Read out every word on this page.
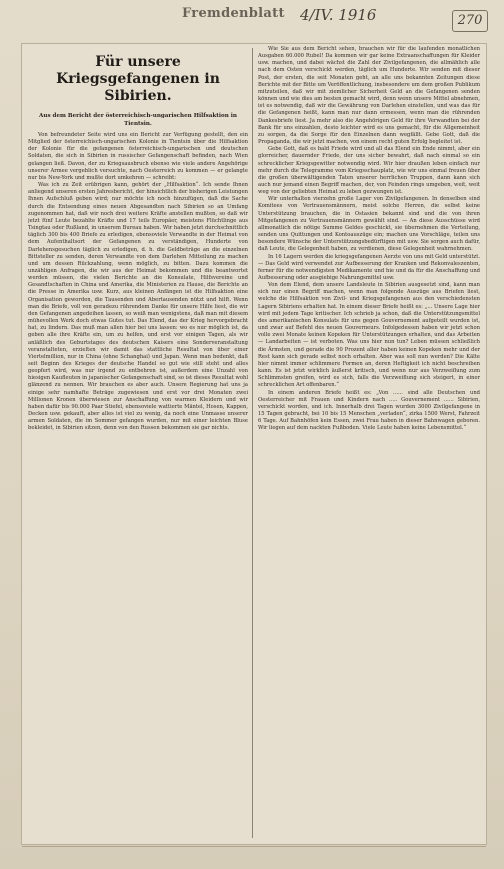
Fremdenblatt 4/IV. 1916	270
Für unsere Kriegsgefangenen in Sibirien.
Aus dem Bericht der österreichisch-ungarischen Hilfsaktion in Tientsin.

Von befreundeter Seite wird uns ein Bericht zur Verfügung gestellt, den ein Mitglied der österreichisch-ungarischen Kolonie in Tientsin über die Hilfsaktion der Kolonie für die gefangenen österreichisch-ungarischen und deutschen Soldaten, die sich in Sibirien in russischer Gefangenschaft befinden, nach Wien gelangen ließ. Davon, der zu Kriegsausbruch ebenso wie viele andere Angehörige unserer Armee vergeblich versuchte, nach Oesterreich zu kommen — er gelangte nur bis New-York und mußte dort umkehren — schreibt:

Was ich zu Zeit erübrigen kann, gehört der „Hilfsaktion“. Ich sende Ihnen anliegend unseren ersten Jahresbericht, der hinsichtlich der bisherigen Leistungen Ihnen Aufschluß geben wird; nur möchte ich noch hinzufügen, daß die Sache durch die Entsendung eines neuen Abgesandten nach Sibirien so an Umfang zugenommen hat, daß wir noch drei weitere Kräfte anstellen mußten, so daß wir jetzt fünf Leute bezahlte Kräfte und 17 teils Europäer, meistens Flüchtlinge aus Tsingtau oder Rußland, in unserem Bureau haben. Wir haben jetzt durchschnittlich täglich 300 bis 400 Briefe zu erledigen, ebensoviele Verwandte in der Heimat von dem Aufenthaltsort der Gefangenen zu verständigen, Hunderte von Darlehensgesuchen täglich zu erledigen, d. h. die Geldbeträge an die einzelnen Bittsteller zu senden, deren Verwandte von dem Darlehen Mitteilung zu machen und um dessen Rückzahlung, wenn möglich, zu bitten. Dazu kommen die unzähligen Anfragen, die wir aus der Heimat bekommen und die beantwortet werden müssen, die vielen Berichte an die Konsulate, Hilfsvereine und Gesandtschaften in China und Amerika, die Ministerien zu Hause, die Berichte an die Presse in Amerika usw. Kurz, aus kleinen Anfängen ist die Hilfsaktion eine Organisation geworden, die Tausenden und Abertausenden nützt und hilft. Wenn man die Briefe, voll von geradezu rührendem Danke für unsere Hilfe liest, die wir den Gefangenen angedeihen lassen, so weiß man wenigstens, daß man mit diesem mühevollen Werk doch etwas Gutes tut. Das Elend, das der Krieg hervorgebracht hat, zu lindern. Das muß man allen hier bei uns lassen: wo es nur möglich ist, da geben alle ihre Kräfte ein, um zu helfen, und erst vor einigen Tagen, als wir anläßlich des Geburtstages des deutschen Kaisers eine Sonderveranstaltung veranstalteten, erzielten wir damit das stattliche Resultat von über einer Viertelmillion, nur in China (ohne Schanghai) und Japan. Wenn man bedenkt, daß seit Beginn des Krieges der deutsche Handel so gut wie still steht und alles geopfert wird, was nur irgend zu entbehren ist, außerdem eine Unzahl von hiesigen Kaufleuten in japanischer Gefangenschaft sind, so ist dieses Resultat wohl glänzend zu nennen. Wir brauchen es aber auch. Unsere Regierung hat uns ja einige sehr namhafte Beträge zugewiesen und erst vor drei Monaten zwei Millionen Kronen überwiesen zur Anschaffung von warmen Kleidern und wir haben dafür bis 90.000 Paar Stiefel, ebensoviele wattierte Mäntel, Hosen, Kappen, Decken usw. gekauft, aber alles ist viel zu wenig, da noch eine Unmasse unserer armen Soldaten, die im Sommer gefangen wurden, nur mit einer leichten Bluse bekleidet, in Sibirien sitzen, denn von den Russen bekommen sie gar nichts.

Wie Sie aus dem Bericht sehen, brauchen wir für die laufenden monatlichen Ausgaben 60.000 Rubel! Da kommen wir gar keine Extraanschaffungen für Kleider usw. machen, und dabei wächst die Zahl der Zivilgefangenen, die allmählich alle nach dem Osten verschickt werden, täglich um Hunderte. Wir senden mit dieser Post, der ersten, die seit Monaten geht, an alle uns bekannten Zeitungen diese Berichte mit der Bitte um Veröffentlichung, insbesondere um dem großen Publikum mitzuteilen, daß wir mit ziemlicher Sicherheit Geld an die Gefangenen senden können und wie dies am besten gemacht wird, denn wenn unsere Mittel abnehmen, ist es notwendig, daß wir die Gewährung von Darlehen einstellen, und was das für die Gefangenen heißt, kann man nur dann ermessen, wenn man die rührenden Dankesbriefe liest. Ja mehr also die Angehörigen Geld für ihre Verwandten bei der Bank für uns einzahlen, desto leichter wird es uns gemacht, für die Allgemeinheit zu sorgen, da die Sorge für den Einzelnen dann wegfällt. Gebe Gott, daß die Propaganda, die wir jetzt machen, von einem recht guten Erfolg begleitet ist.

Gebe Gott, daß es bald Friede wird und all das Elend ein Ende nimmt, aber ein glorreicher, dauernder Friede, der uns sicher bewahrt, daß nach einmal so ein schrecklicher Kriegsgewitter notwendig wird. Wir hier draußen leben einfach nur mehr durch die Telegramme vom Kriegsschauplatz, wie wir uns einmal freuen über die großen überwältigenden Taten unserer herrlichen Truppen, dann kann sich auch nur jemand einen Begriff machen, der, von Feinden rings umgeben, weit, weit weg von der geliebten Heimat zu leben gezwungen ist.

Wir unterhalten vierzehn große Lager von Zivilgefangenen. In denselben sind Komitees von Vertrauensmännern, meist solche Herren, die selbst keine Unterstützung brauchen, die in Ostasien bekannt sind und die von ihren Mitgefangenen zu Vertrauensmännern gewählt sind. — An diese Ausschüsse wird allmonatlich die nötige Summe Geldes geschickt, sie übernehmen die Verteilung, senden uns Quittungen und Kontoauszüge ein; machen uns Vorschläge, teilen uns besondere Wünsche der Unterstützungsbedürftigen mit usw. Sie sorgen auch dafür, daß Leute, die Gelegenheit haben, zu verdienen, diese Gelegenheit wahrnehmen.

In 16 Lagern werden die kriegsgefangenen Aerzte von uns mit Geld unterstützt. — Das Geld wird verwendet zur Aufbesserung der Kranken und Rekonvaleszenten, ferner für die notwendigsten Medikamente und hie und da für die Anschaffung und Aufbesserung oder ausgiebige Nahrungsmittel usw.

Von dem Elend, dem unsere Landsleute in Sibirien ausgesetzt sind, kann man sich nur einen Begriff machen, wenn man folgende Auszüge aus Briefen liest, welche die Hilfsaktion von Zivil- und Kriegsgefangenen aus den verschiedensten Lagern Sibiriens erhalten hat. In einem dieser Briefe heißt es: „... Unsere Lage hier wird mit jedem Tage kritischer. Ich schrieb ja schon, daß die Unterstützungsmittel des amerikanischen Konsulats für uns gegen Gouvernement aufgeteilt wurden ist, und zwar auf Befehl des neuen Gouverneurs. Infolgedessen haben wir jetzt schon volle zwei Monate keinen Kopeken für Unterstützungen erhalten, und das Arbeiten — Landarbeiten — ist verboten. Was uns hier nun tun? Leben müssen schließlich die Ärmsten, und gerade die 90 Prozent aller haben keinen Kopeken mehr und der Rest kann sich gerade selbst noch erhalten. Aber was soll nun werden? Die Kälte hier nimmt immer schlimmere Formen an, deren Heftigkeit ich nicht beschreiben kann. Es ist jetzt wirklich äußerst kritisch, und wenn nur aus Verzweiflung zum Schlimmsten greifen, wird es sich, falls die Verzweiflung sich steigert, in einer schrecklichen Art offenbaren.“

In einem anderen Briefe heißt es: „Von ...... sind alle Deutschen und Oesterreicher mit Frauen und Kindern nach ..... Gouvernement ...... Sibirien, verschickt worden, und ich. Innerhalb drei Tagen wurden 3000 Zivilgefangene in 15 Tagen gebracht, bei 10 bis 15 Menschen „verladen“, zirka 1500 Werst, Fahrzeit 6 Tage. Auf Bahnhöfen kein Essen, zwei Frau haben in dieser Bahnwagen geboren. Wir liegen auf dem nackten Fußboden. Viele Leute haben keine Lebensmittel.“
